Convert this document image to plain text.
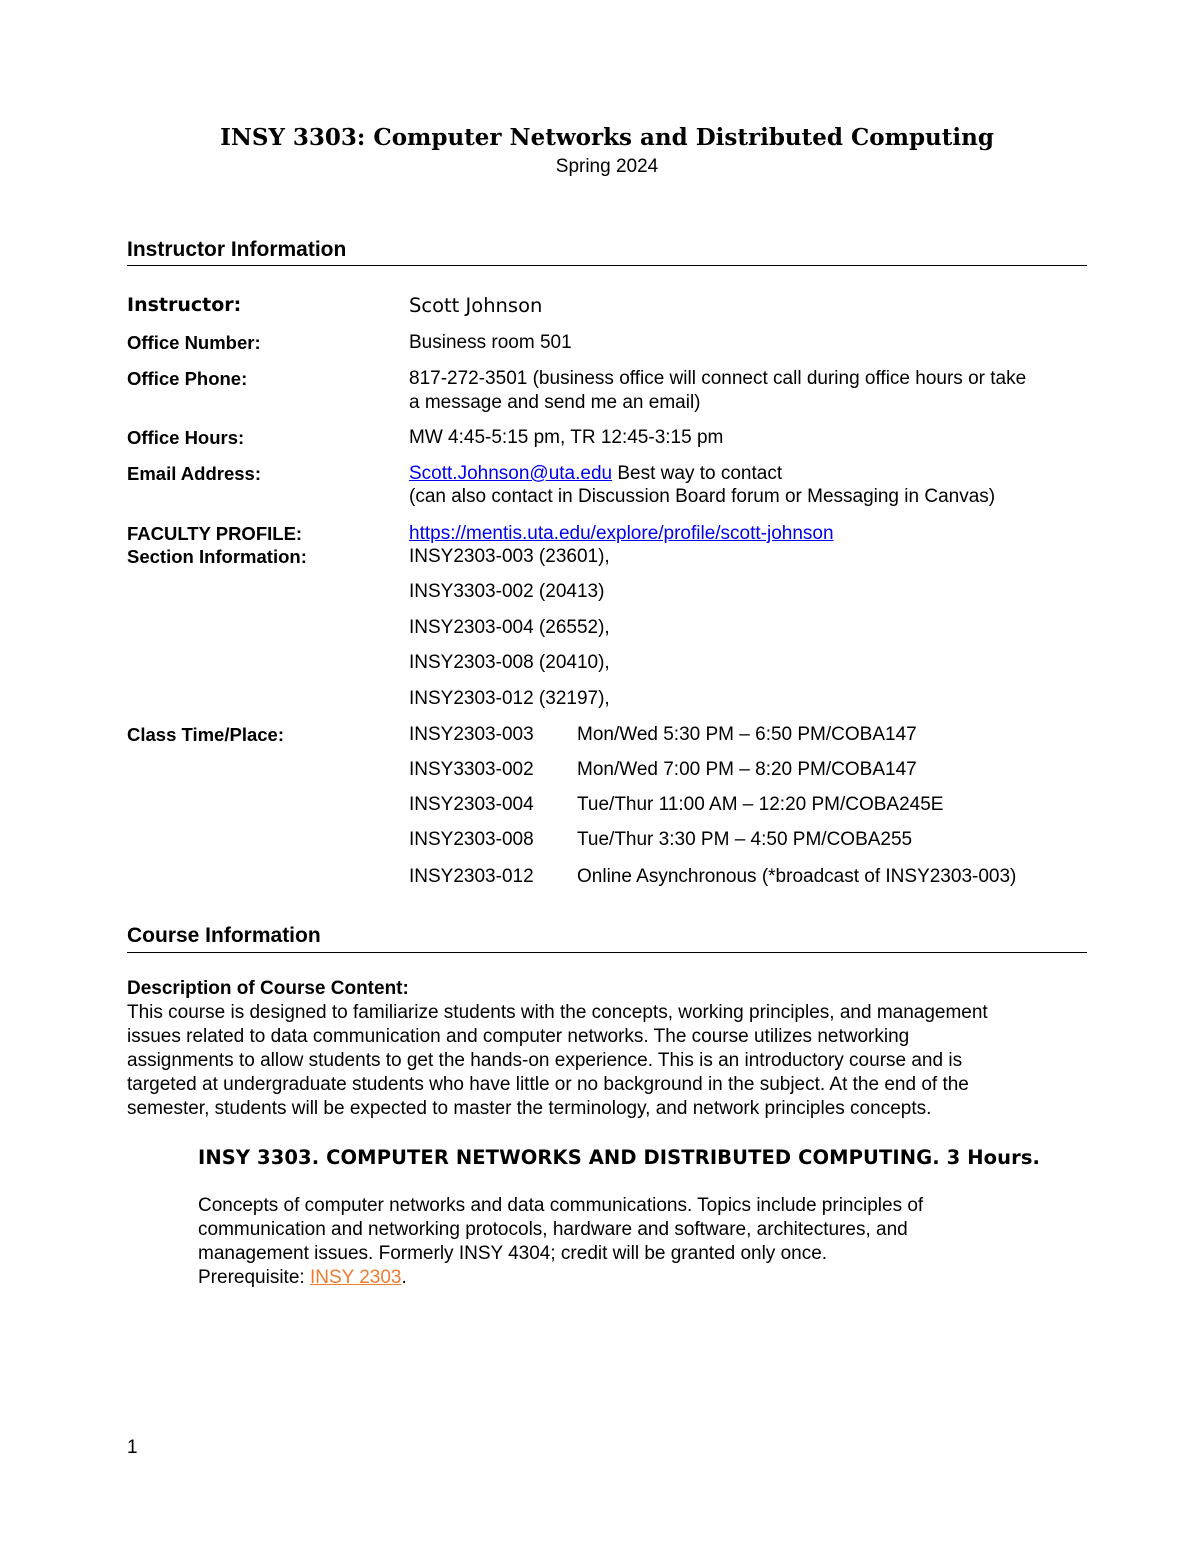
INSY 3303: Computer Networks and Distributed Computing
Spring 2024
Instructor Information
Instructor:	Scott Johnson
Office Number:	Business room 501
Office Phone:	817-272-3501 (business office will connect call during office hours or take
a message and send me an email)
Office Hours:	MW 4:45-5:15 pm, TR 12:45-3:15 pm
Email Address:	Scott.Johnson@uta.edu Best way to contact
(can also contact in Discussion Board forum or Messaging in Canvas)
FACULTY PROFILE:	https://mentis.uta.edu/explore/profile/scott-johnson
Section Information:	INSY2303-003 (23601),
INSY3303-002 (20413)
INSY2303-004 (26552),
INSY2303-008 (20410),
INSY2303-012 (32197),
Class Time/Place:	INSY2303-003 Mon/Wed 5:30 PM – 6:50 PM/COBA147
INSY3303-002 Mon/Wed 7:00 PM – 8:20 PM/COBA147
INSY2303-004 Tue/Thur 11:00 AM – 12:20 PM/COBA245E
INSY2303-008 Tue/Thur 3:30 PM – 4:50 PM/COBA255
INSY2303-012 Online Asynchronous (*broadcast of INSY2303-003)
Course Information
Description of Course Content:
This course is designed to familiarize students with the concepts, working principles, and management
issues related to data communication and computer networks. The course utilizes networking
assignments to allow students to get the hands-on experience. This is an introductory course and is
targeted at undergraduate students who have little or no background in the subject. At the end of the
semester, students will be expected to master the terminology, and network principles concepts.
INSY 3303. COMPUTER NETWORKS AND DISTRIBUTED COMPUTING. 3 Hours.
Concepts of computer networks and data communications. Topics include principles of
communication and networking protocols, hardware and software, architectures, and
management issues. Formerly INSY 4304; credit will be granted only once.
Prerequisite: INSY 2303.
1
